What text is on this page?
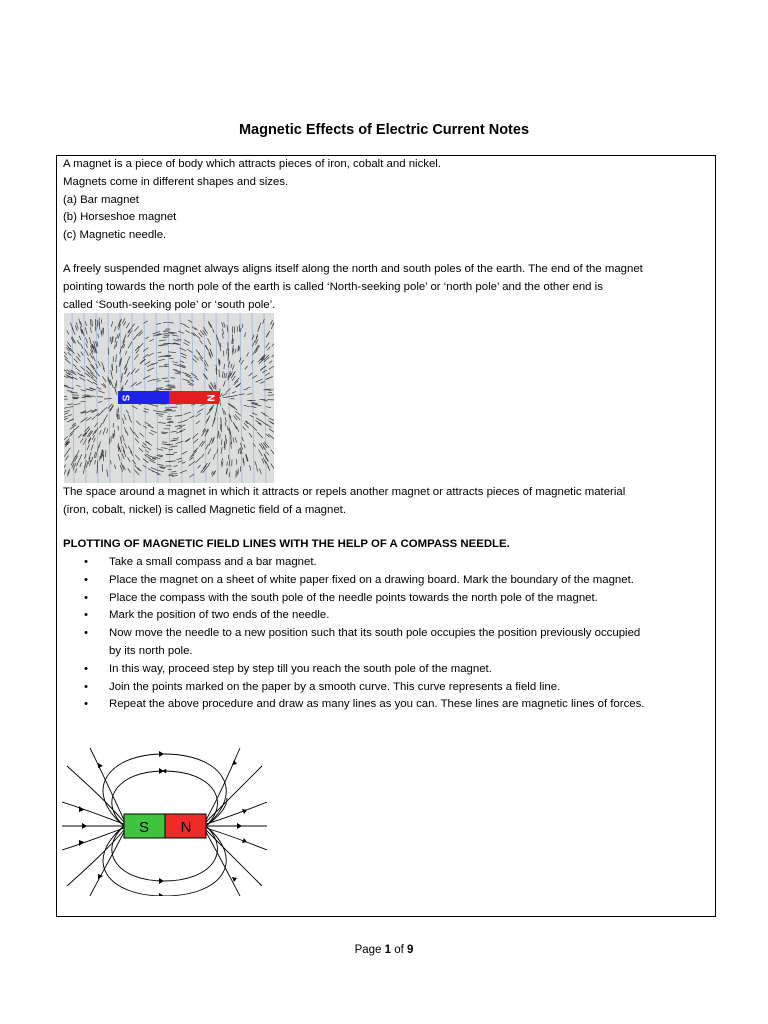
Magnetic Effects of Electric Current Notes
A magnet is a piece of body which attracts pieces of iron, cobalt and nickel.
Magnets come in different shapes and sizes.
(a) Bar magnet
(b) Horseshoe magnet
(c) Magnetic needle.
A freely suspended magnet always aligns itself along the north and south poles of the earth. The end of the magnet
pointing towards the north pole of the earth is called ‘North-seeking pole’ or ‘north pole’ and the other end is
called ‘South-seeking pole’ or ‘south pole’.
S	N
The space around a magnet in which it attracts or repels another magnet or attracts pieces of magnetic material
(iron, cobalt, nickel) is called Magnetic field of a magnet.
PLOTTING OF MAGNETIC FIELD LINES WITH THE HELP OF A COMPASS NEEDLE.
• Take a small compass and a bar magnet.
• Place the magnet on a sheet of white paper fixed on a drawing board. Mark the boundary of the magnet.
• Place the compass with the south pole of the needle points towards the north pole of the magnet.
• Mark the position of two ends of the needle.
• Now move the needle to a new position such that its south pole occupies the position previously occupied
by its north pole.
• In this way, proceed step by step till you reach the south pole of the magnet.
• Join the points marked on the paper by a smooth curve. This curve represents a field line.
• Repeat the above procedure and draw as many lines as you can. These lines are magnetic lines of forces.
S N
Page 1 of 9
